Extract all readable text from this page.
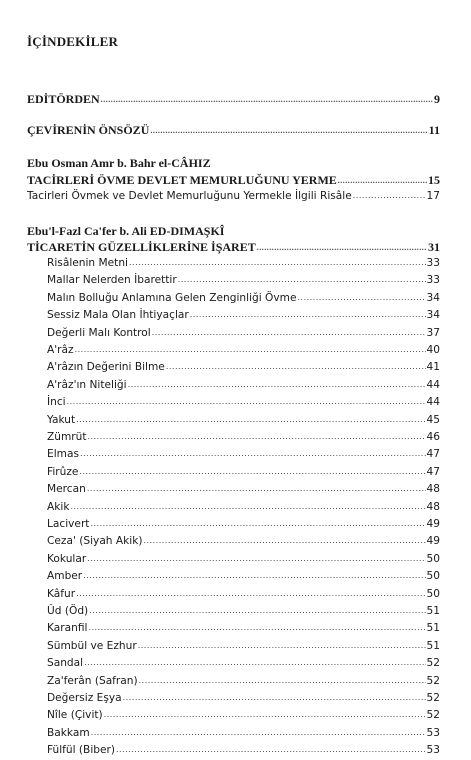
İÇİNDEKİLER
EDİTÖRDEN .....	9
ÇEVİRENİN ÖNSÖZÜ .....	11
Ebu Osman Amr b. Bahr el-CÂHIZ
TACİRLERİ ÖVME DEVLET MEMURLUĞUNU YERME .....	15
Tacirleri Övmek ve Devlet Memurluğunu Yermekle İlgili Risâle .....	17
Ebu'l-Fazl Ca'fer b. Ali ED-DIMAŞKÎ
TİCARETİN GÜZELLİKLERİNE İŞARET .....	31
Risâlenin Metni .....	33
Mallar Nelerden İbarettir .....	33
Malın Bolluğu Anlamına Gelen Zenginliği Övme .....	34
Sessiz Mala Olan İhtiyaçlar .....	34
Değerli Malı Kontrol .....	37
A'râz .....	40
A'râzın Değerini Bilme .....	41
A'râz'ın Niteliği .....	44
İnci .....	44
Yakut .....	45
Zümrüt .....	46
Elmas .....	47
Firûze .....	47
Mercan .....	48
Akik .....	48
Lacivert .....	49
Ceza' (Siyah Akik) .....	49
Kokular .....	50
Amber .....	50
Kâfur .....	50
Ûd (Öd) .....	51
Karanfil .....	51
Sümbül ve Ezhur .....	51
Sandal .....	52
Za'ferân (Safran) .....	52
Değersiz Eşya .....	52
Nîle (Çivit) .....	52
Bakkam .....	53
Fülfül (Biber) .....	53
